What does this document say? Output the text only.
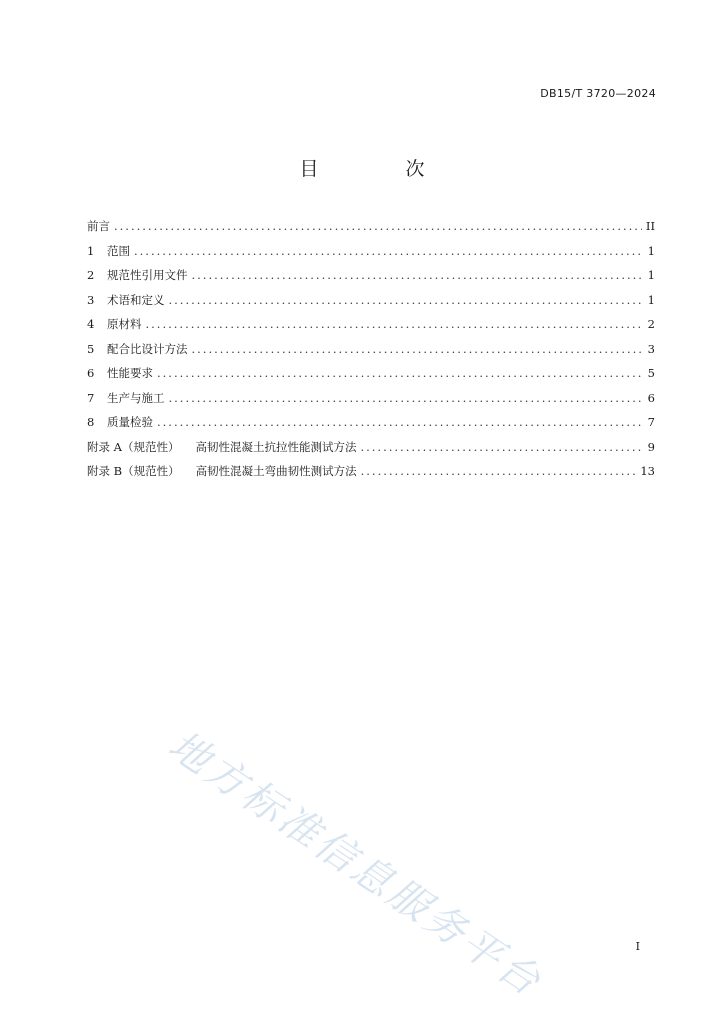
DB15/T 3720—2024
目　次
前言 .....	II
1	范围 .....	1
2	规范性引用文件 .....	1
3	术语和定义 .....	1
4	原材料 .....	2
5	配合比设计方法 .....	3
6	性能要求 .....	5
7	生产与施工 .....	6
8	质量检验 .....	7
附录 A（规范性） 高韧性混凝土抗拉性能测试方法 .....	9
附录 B（规范性） 高韧性混凝土弯曲韧性测试方法 .....	13
地方标准信息服务平台	I
